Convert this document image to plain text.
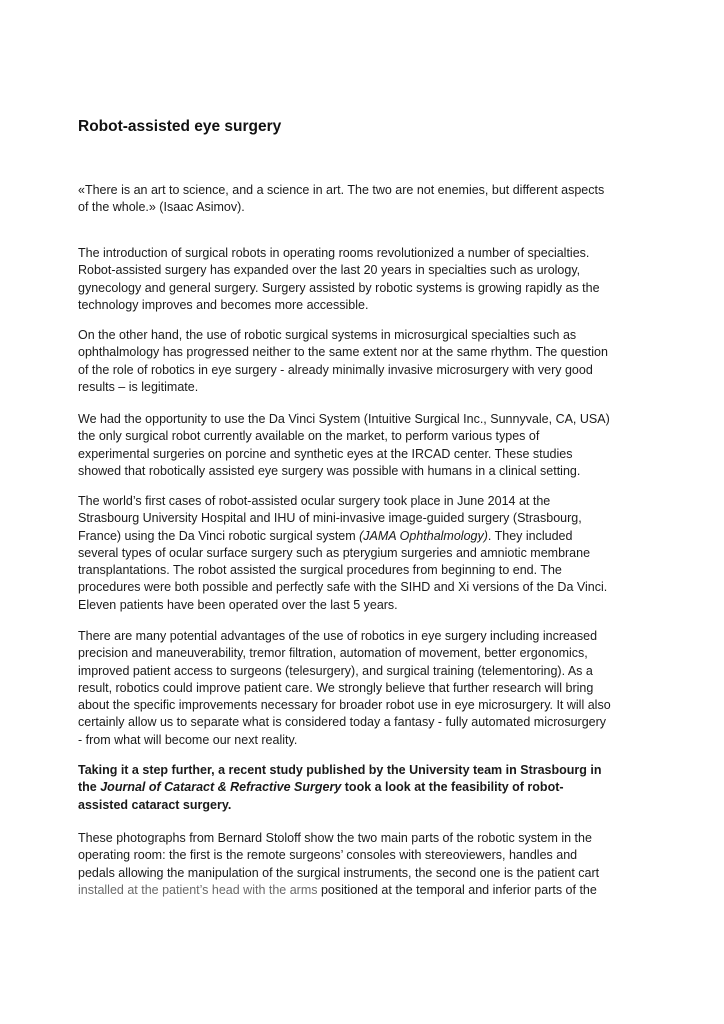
Robot-assisted eye surgery

«There is an art to science, and a science in art. The two are not enemies, but different aspects
of the whole.» (Isaac Asimov).

The introduction of surgical robots in operating rooms revolutionized a number of specialties.
Robot-assisted surgery has expanded over the last 20 years in specialties such as urology,
gynecology and general surgery. Surgery assisted by robotic systems is growing rapidly as the
technology improves and becomes more accessible.

On the other hand, the use of robotic surgical systems in microsurgical specialties such as
ophthalmology has progressed neither to the same extent nor at the same rhythm. The question
of the role of robotics in eye surgery - already minimally invasive microsurgery with very good
results – is legitimate.

We had the opportunity to use the Da Vinci System (Intuitive Surgical Inc., Sunnyvale, CA, USA)
the only surgical robot currently available on the market, to perform various types of
experimental surgeries on porcine and synthetic eyes at the IRCAD center. These studies
showed that robotically assisted eye surgery was possible with humans in a clinical setting.

The world’s first cases of robot-assisted ocular surgery took place in June 2014 at the
Strasbourg University Hospital and IHU of mini-invasive image-guided surgery (Strasbourg,
France) using the Da Vinci robotic surgical system (JAMA Ophthalmology). They included
several types of ocular surface surgery such as pterygium surgeries and amniotic membrane
transplantations. The robot assisted the surgical procedures from beginning to end. The
procedures were both possible and perfectly safe with the SIHD and Xi versions of the Da Vinci.
Eleven patients have been operated over the last 5 years.

There are many potential advantages of the use of robotics in eye surgery including increased
precision and maneuverability, tremor filtration, automation of movement, better ergonomics,
improved patient access to surgeons (telesurgery), and surgical training (telementoring). As a
result, robotics could improve patient care. We strongly believe that further research will bring
about the specific improvements necessary for broader robot use in eye microsurgery. It will also
certainly allow us to separate what is considered today a fantasy - fully automated microsurgery
- from what will become our next reality.

Taking it a step further, a recent study published by the University team in Strasbourg in
the Journal of Cataract & Refractive Surgery took a look at the feasibility of robot-
assisted cataract surgery.

These photographs from Bernard Stoloff show the two main parts of the robotic system in the
operating room: the first is the remote surgeons’ consoles with stereoviewers, handles and
pedals allowing the manipulation of the surgical instruments, the second one is the patient cart
installed at the patient’s head with the arms positioned at the temporal and inferior parts of the
